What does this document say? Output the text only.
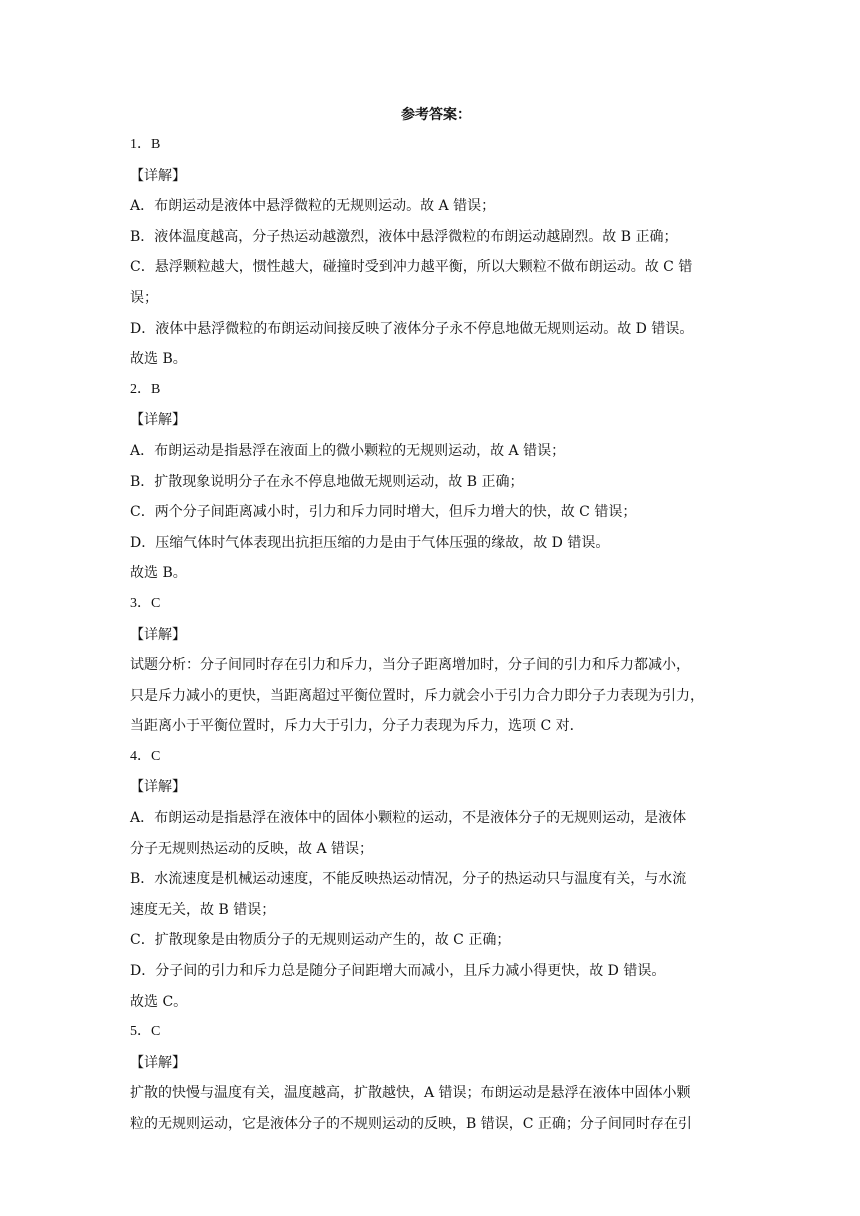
参考答案：
1．B
【详解】
A．布朗运动是液体中悬浮微粒的无规则运动。故 A 错误；
B．液体温度越高，分子热运动越激烈，液体中悬浮微粒的布朗运动越剧烈。故 B 正确；
C．悬浮颗粒越大，惯性越大，碰撞时受到冲力越平衡，所以大颗粒不做布朗运动。故 C 错
误；
D．液体中悬浮微粒的布朗运动间接反映了液体分子永不停息地做无规则运动。故 D 错误。
故选 B。
2．B
【详解】
A．布朗运动是指悬浮在液面上的微小颗粒的无规则运动，故 A 错误；
B．扩散现象说明分子在永不停息地做无规则运动，故 B 正确；
C．两个分子间距离减小时，引力和斥力同时增大，但斥力增大的快，故 C 错误；
D．压缩气体时气体表现出抗拒压缩的力是由于气体压强的缘故，故 D 错误。
故选 B。
3．C
【详解】
试题分析：分子间同时存在引力和斥力，当分子距离增加时，分子间的引力和斥力都减小，
只是斥力减小的更快，当距离超过平衡位置时，斥力就会小于引力合力即分子力表现为引力，
当距离小于平衡位置时，斥力大于引力，分子力表现为斥力，选项 C 对．
4．C
【详解】
A．布朗运动是指悬浮在液体中的固体小颗粒的运动，不是液体分子的无规则运动，是液体
分子无规则热运动的反映，故 A 错误；
B．水流速度是机械运动速度，不能反映热运动情况，分子的热运动只与温度有关，与水流
速度无关，故 B 错误；
C．扩散现象是由物质分子的无规则运动产生的，故 C 正确；
D．分子间的引力和斥力总是随分子间距增大而减小，且斥力减小得更快，故 D 错误。
故选 C。
5．C
【详解】
扩散的快慢与温度有关，温度越高，扩散越快，A 错误；布朗运动是悬浮在液体中固体小颗
粒的无规则运动，它是液体分子的不规则运动的反映，B 错误，C 正确；分子间同时存在引
